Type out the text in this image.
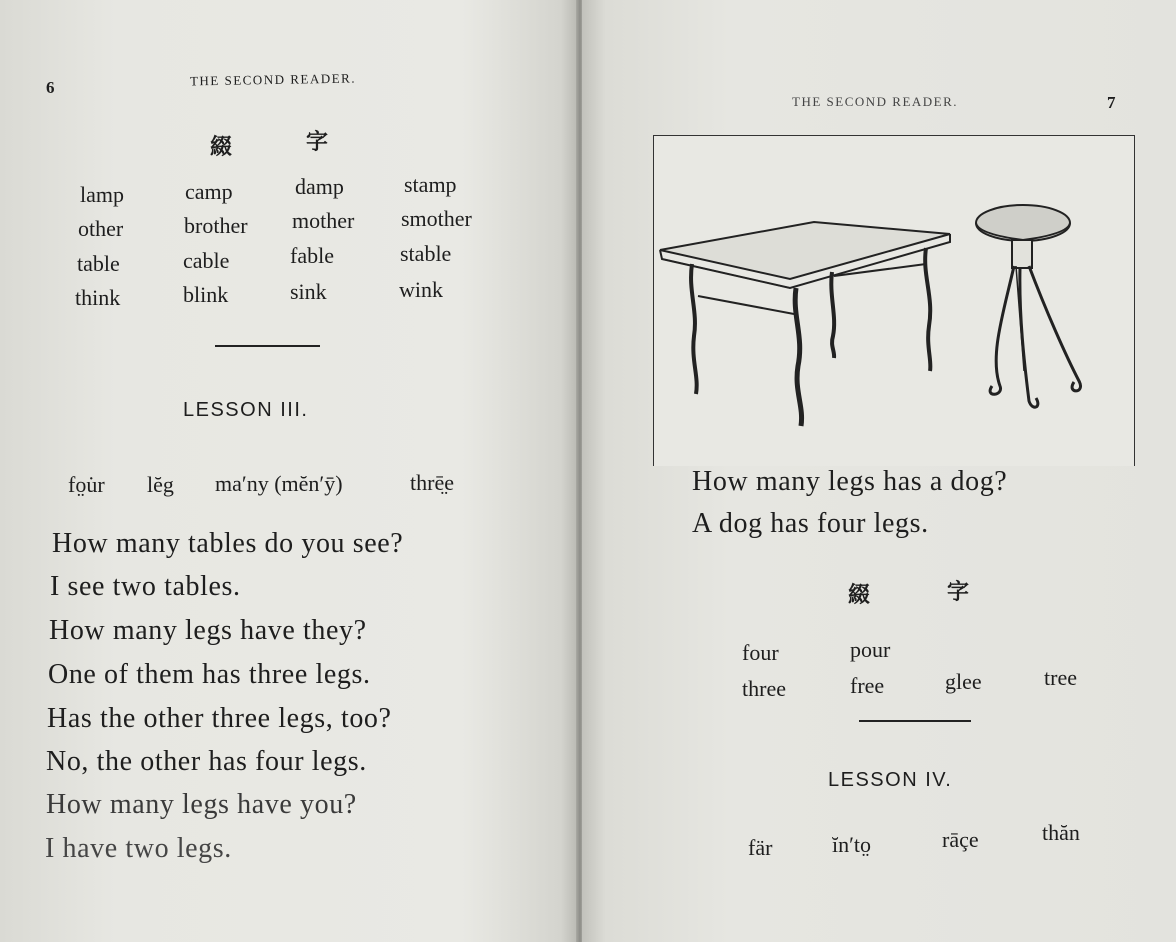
6	THE SECOND READER.
綴	字
lamp	camp	damp	stamp
other	brother mother smother
table	cable	fable	stable
think	blink	sink	wink
LESSON III.
fo̤u̇r lĕg ma′ny (mĕn′ȳ)	thrē̤e
How many tables do you see?
I see two tables.
How many legs have they?
One of them has three legs.
Has the other three legs, too?
No, the other has four legs.
How many legs have you?
I have two legs.
THE SECOND READER.	7
How many legs has a dog?
A dog has four legs.
綴	字
four	pour
three	free	glee	tree
LESSON IV.
fär	ĭn′to̤	rāçe	thăn
